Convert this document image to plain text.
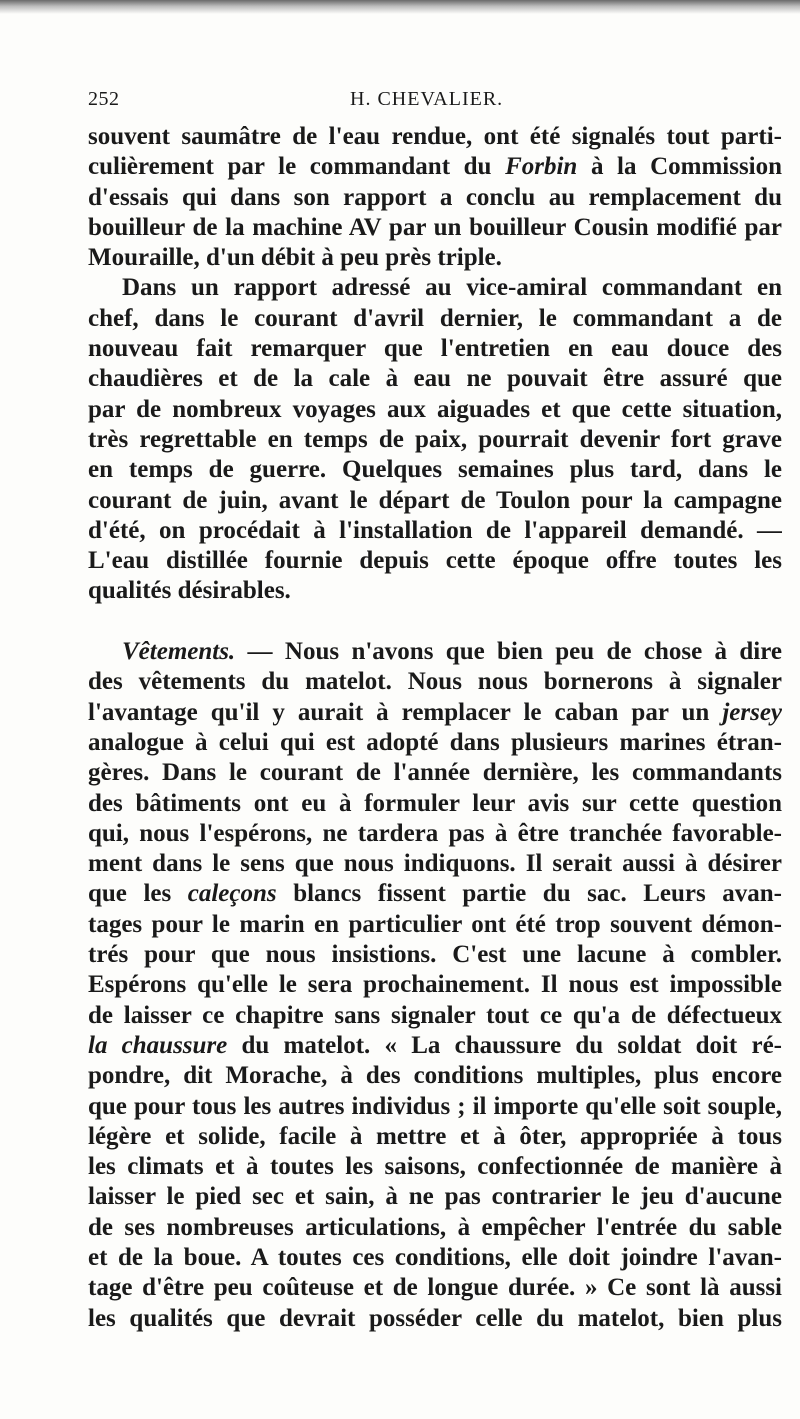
252	H. CHEVALIER.
souvent saumâtre de l'eau rendue, ont été signalés tout parti-
culièrement par le commandant du Forbin à la Commission
d'essais qui dans son rapport a conclu au remplacement du
bouilleur de la machine AV par un bouilleur Cousin modifié par
Mouraille, d'un débit à peu près triple.
Dans un rapport adressé au vice-amiral commandant en
chef, dans le courant d'avril dernier, le commandant a de
nouveau fait remarquer que l'entretien en eau douce des
chaudières et de la cale à eau ne pouvait être assuré que
par de nombreux voyages aux aiguades et que cette situation,
très regrettable en temps de paix, pourrait devenir fort grave
en temps de guerre. Quelques semaines plus tard, dans le
courant de juin, avant le départ de Toulon pour la campagne
d'été, on procédait à l'installation de l'appareil demandé. —
L'eau distillée fournie depuis cette époque offre toutes les
qualités désirables.
Vêtements. — Nous n'avons que bien peu de chose à dire
des vêtements du matelot. Nous nous bornerons à signaler
l'avantage qu'il y aurait à remplacer le caban par un jersey
analogue à celui qui est adopté dans plusieurs marines étran-
gères. Dans le courant de l'année dernière, les commandants
des bâtiments ont eu à formuler leur avis sur cette question
qui, nous l'espérons, ne tardera pas à être tranchée favorable-
ment dans le sens que nous indiquons. Il serait aussi à désirer
que les caleçons blancs fissent partie du sac. Leurs avan-
tages pour le marin en particulier ont été trop souvent démon-
trés pour que nous insistions. C'est une lacune à combler.
Espérons qu'elle le sera prochainement. Il nous est impossible
de laisser ce chapitre sans signaler tout ce qu'a de défectueux
la chaussure du matelot. « La chaussure du soldat doit ré-
pondre, dit Morache, à des conditions multiples, plus encore
que pour tous les autres individus ; il importe qu'elle soit souple,
légère et solide, facile à mettre et à ôter, appropriée à tous
les climats et à toutes les saisons, confectionnée de manière à
laisser le pied sec et sain, à ne pas contrarier le jeu d'aucune
de ses nombreuses articulations, à empêcher l'entrée du sable
et de la boue. A toutes ces conditions, elle doit joindre l'avan-
tage d'être peu coûteuse et de longue durée. » Ce sont là aussi
les qualités que devrait posséder celle du matelot, bien plus
